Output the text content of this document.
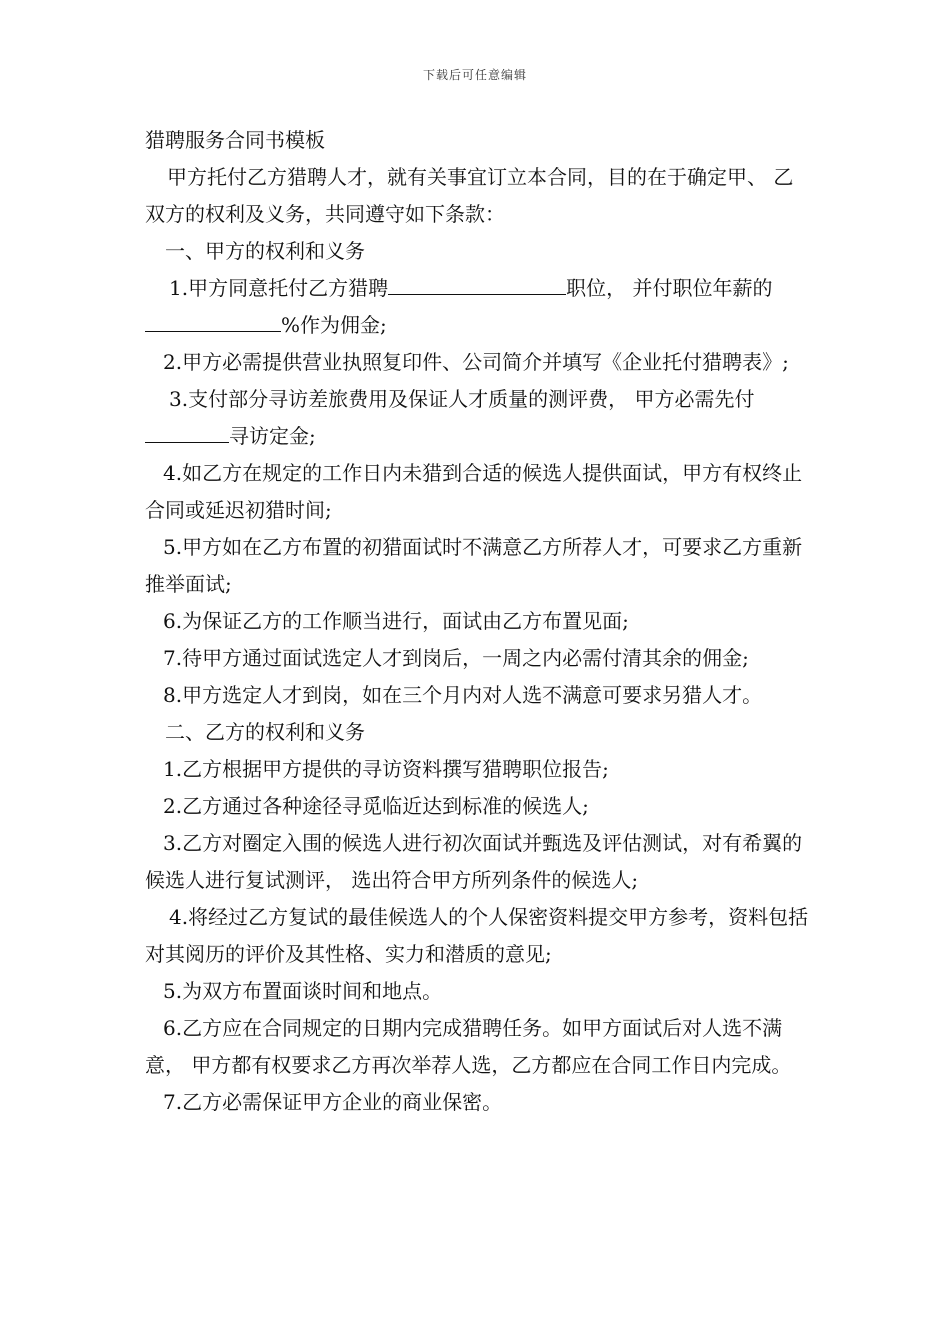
下载后可任意编辑
猎聘服务合同书模板

甲方托付乙方猎聘人才，就有关事宜订立本合同，目的在于确定甲、 乙双方的权利及义务，共同遵守如下条款：

一、甲方的权利和义务

1.甲方同意托付乙方猎聘	职位， 并付职位年薪的%作为佣金;

2.甲方必需提供营业执照复印件、公司简介并填写《企业托付猎聘表》;

3.支付部分寻访差旅费用及保证人才质量的测评费， 甲方必需先付寻访定金;

4.如乙方在规定的工作日内未猎到合适的候选人提供面试，甲方有权终止合同或延迟初猎时间;

5.甲方如在乙方布置的初猎面试时不满意乙方所荐人才，可要求乙方重新推举面试;

6.为保证乙方的工作顺当进行，面试由乙方布置见面;

7.待甲方通过面试选定人才到岗后，一周之内必需付清其余的佣金;

8.甲方选定人才到岗，如在三个月内对人选不满意可要求另猎人才。

二、乙方的权利和义务

1.乙方根据甲方提供的寻访资料撰写猎聘职位报告;

2.乙方通过各种途径寻觅临近达到标准的候选人;

3.乙方对圈定入围的候选人进行初次面试并甄选及评估测试，对有希翼的候选人进行复试测评， 选出符合甲方所列条件的候选人;

4.将经过乙方复试的最佳候选人的个人保密资料提交甲方参考，资料包括对其阅历的评价及其性格、实力和潜质的意见;

5.为双方布置面谈时间和地点。

6.乙方应在合同规定的日期内完成猎聘任务。如甲方面试后对人选不满意， 甲方都有权要求乙方再次举荐人选，乙方都应在合同工作日内完成。

7.乙方必需保证甲方企业的商业保密。
